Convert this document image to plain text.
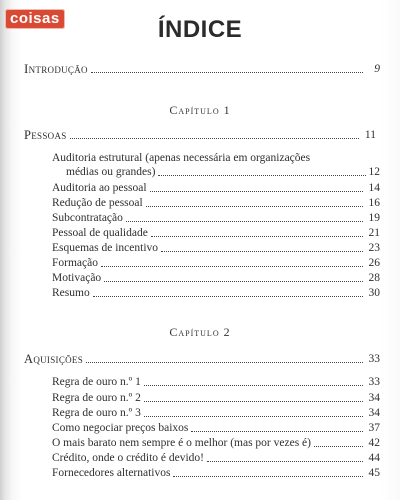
coisas	ÍNDICE
Introdução	9
Capítulo 1
Pessoas	11
Auditoria estrutural (apenas necessária em organizações
médias ou grandes)	12
Auditoria ao pessoal	14
Redução de pessoal	16
Subcontratação	19
Pessoal de qualidade	21
Esquemas de incentivo	23
Formação	26
Motivação	28
Resumo	30
Capítulo 2
Aquisições	33
Regra de ouro n.º 1	33
Regra de ouro n.º 2	34
Regra de ouro n.º 3	34
Como negociar preços baixos	37
O mais barato nem sempre é o melhor (mas por vezes é)	42
Crédito, onde o crédito é devido!	44
Fornecedores alternativos	45
